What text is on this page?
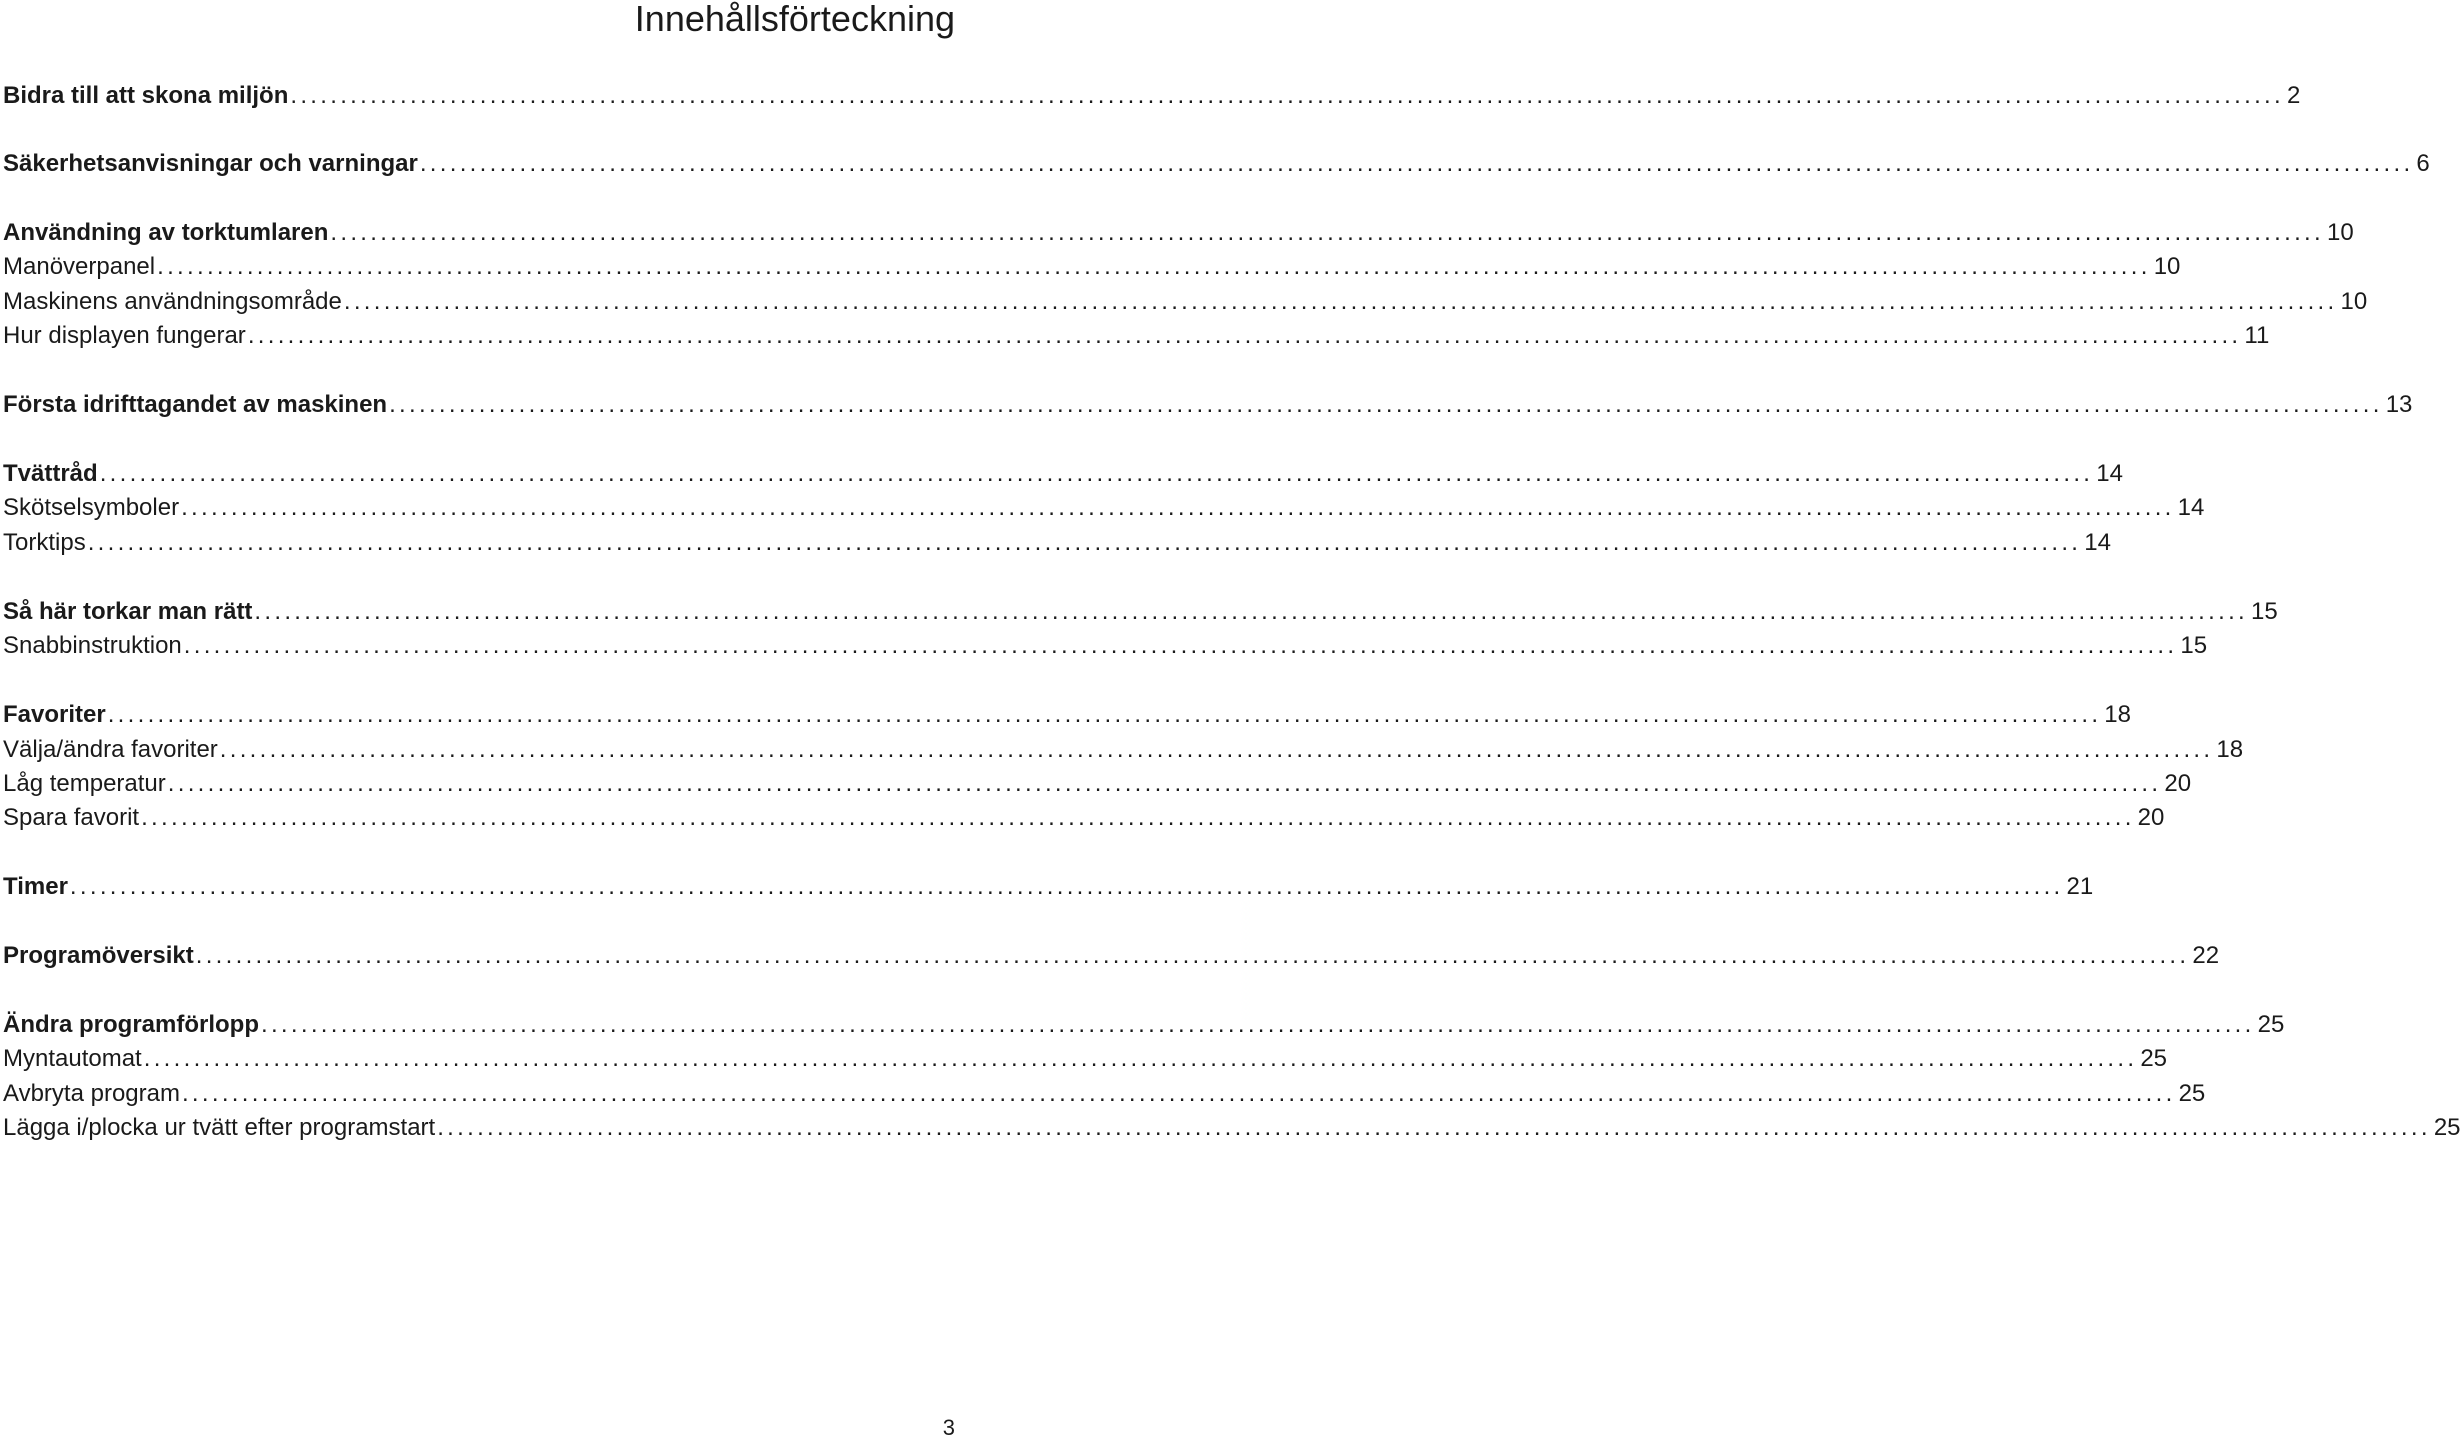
Innehållsförteckning
Bidra till att skona miljön ........................................................................................................................................................................................................ 2
Säkerhetsanvisningar och varningar ........................................................................................................................................................................................................ 6
Användning av torktumlaren ........................................................................................................................................................................................................ 10
Manöverpanel ........................................................................................................................................................................................................ 10
Maskinens användningsområde ........................................................................................................................................................................................................ 10
Hur displayen fungerar ........................................................................................................................................................................................................ 11
Första idrifttagandet av maskinen ........................................................................................................................................................................................................ 13
Tvättråd ........................................................................................................................................................................................................ 14
Skötselsymboler ........................................................................................................................................................................................................ 14
Torktips ........................................................................................................................................................................................................ 14
Så här torkar man rätt ........................................................................................................................................................................................................ 15
Snabbinstruktion ........................................................................................................................................................................................................ 15
Favoriter ........................................................................................................................................................................................................ 18
Välja/ändra favoriter ........................................................................................................................................................................................................ 18
Låg temperatur ........................................................................................................................................................................................................ 20
Spara favorit ........................................................................................................................................................................................................ 20
Timer ........................................................................................................................................................................................................ 21
Programöversikt ........................................................................................................................................................................................................ 22
Ändra programförlopp ........................................................................................................................................................................................................ 25
Myntautomat ........................................................................................................................................................................................................ 25
Avbryta program ........................................................................................................................................................................................................ 25
Lägga i/plocka ur tvätt efter programstart ........................................................................................................................................................................................................ 25
3
